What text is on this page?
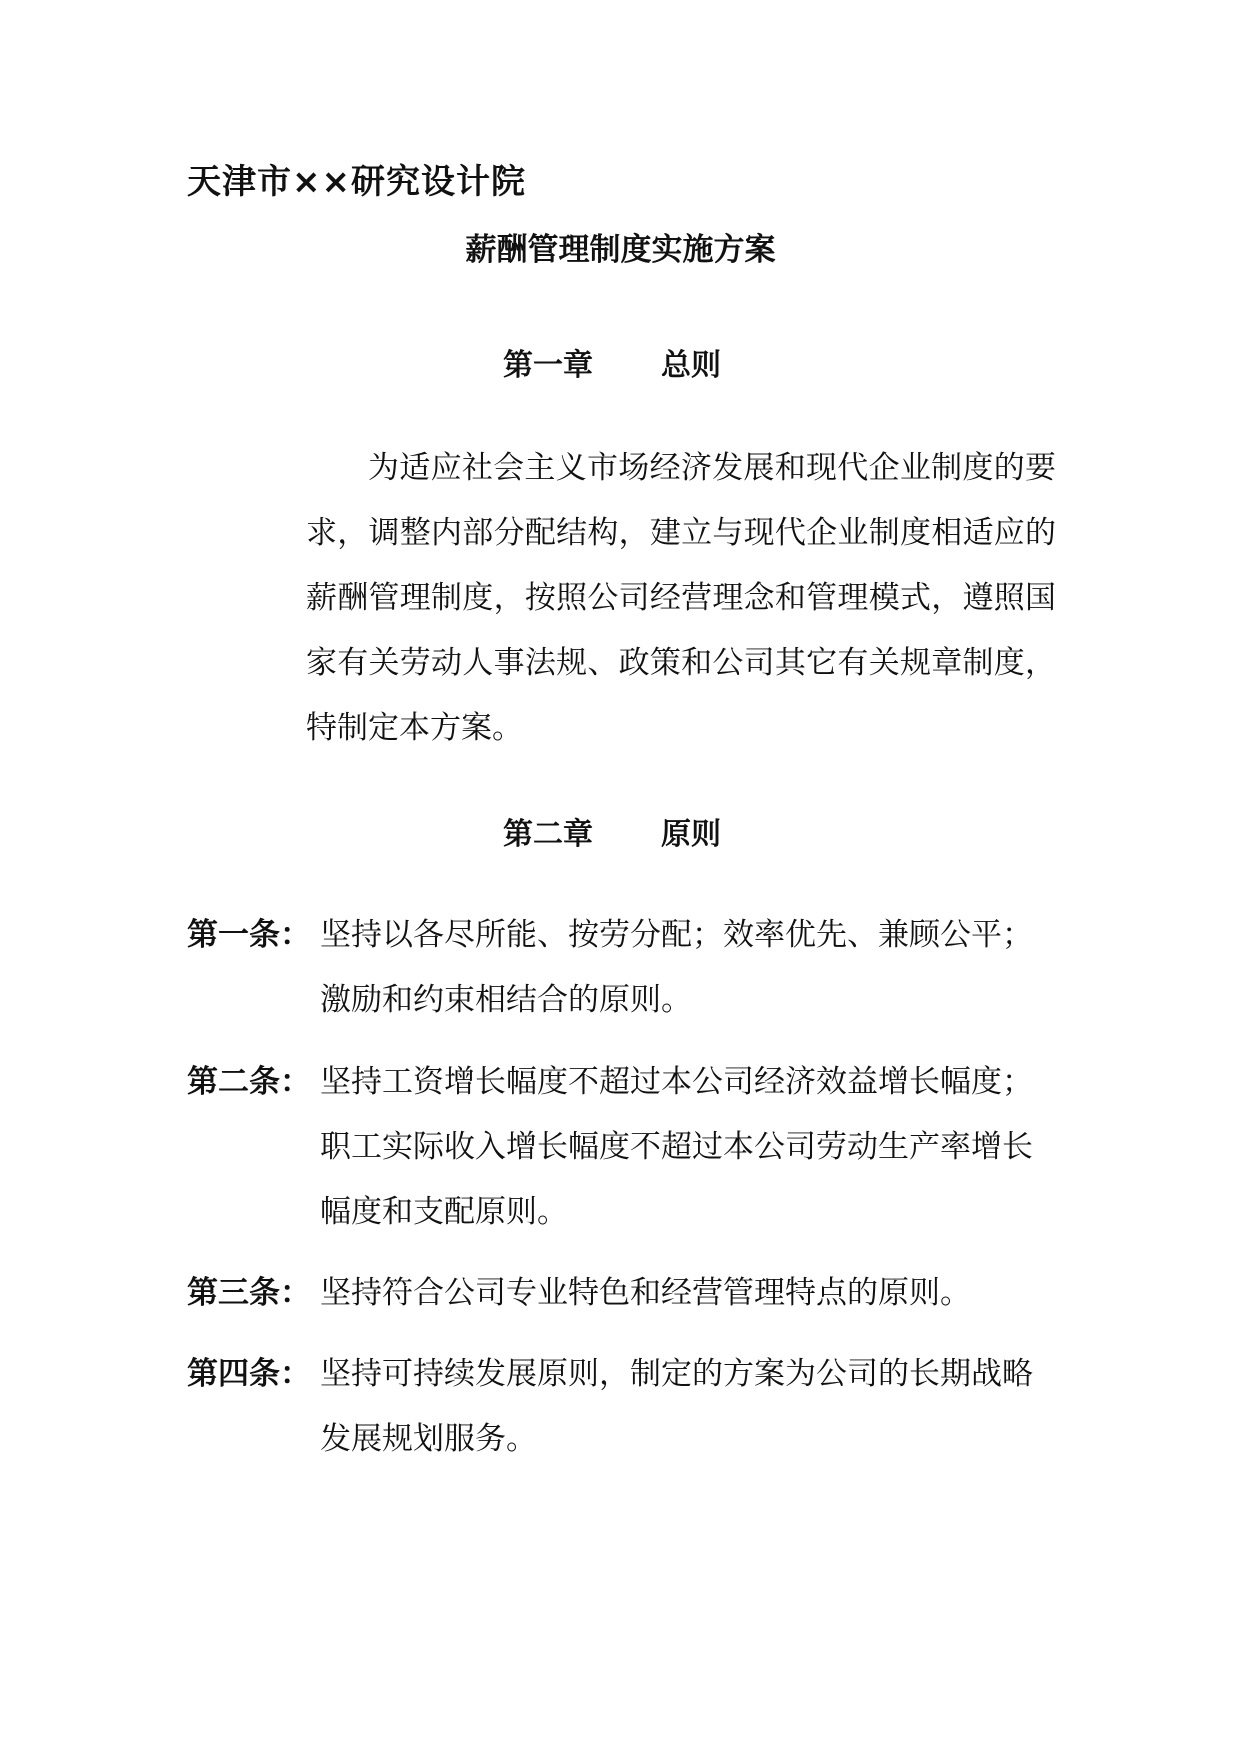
天津市××研究设计院
薪酬管理制度实施方案
第一章 总则

为适应社会主义市场经济发展和现代企业制度的要求，调整内部分配结构，建立与现代企业制度相适应的薪酬管理制度，按照公司经营理念和管理模式，遵照国家有关劳动人事法规、政策和公司其它有关规章制度，特制定本方案。

第二章 原则
第一条： 坚持以各尽所能、按劳分配；效率优先、兼顾公平；激励和约束相结合的原则。
第二条： 坚持工资增长幅度不超过本公司经济效益增长幅度；职工实际收入增长幅度不超过本公司劳动生产率增长幅度和支配原则。
第三条： 坚持符合公司专业特色和经营管理特点的原则。
第四条： 坚持可持续发展原则，制定的方案为公司的长期战略发展规划服务。
